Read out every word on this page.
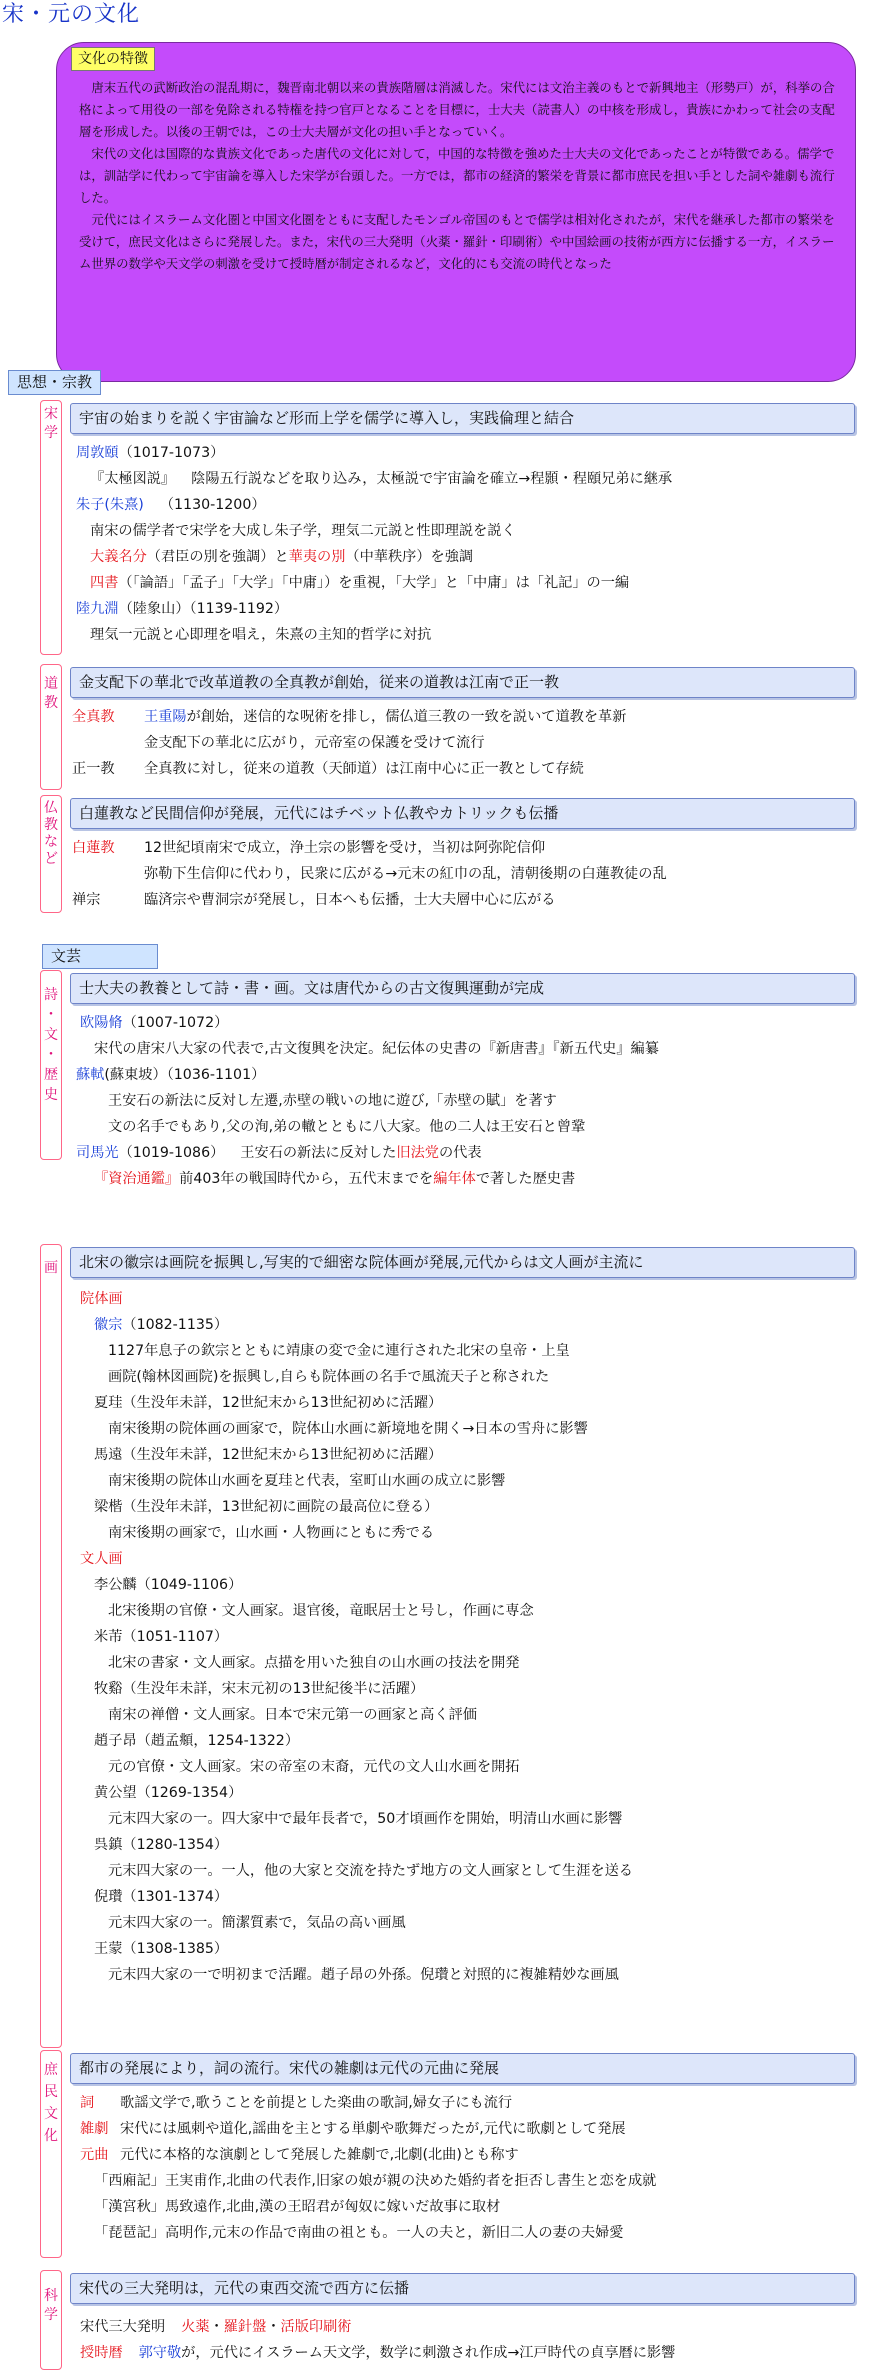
宋・元の文化
文化の特徴

唐末五代の武断政治の混乱期に，魏晋南北朝以来の貴族階層は消滅した。宋代には文治主義のもとで新興地主（形勢戸）が，科挙の合格によって用役の一部を免除される特権を持つ官戸となることを目標に，士大夫（読書人）の中核を形成し，貴族にかわって社会の支配層を形成した。以後の王朝では，この士大夫層が文化の担い手となっていく。

宋代の文化は国際的な貴族文化であった唐代の文化に対して，中国的な特徴を強めた士大夫の文化であったことが特徴である。儒学では，訓詁学に代わって宇宙論を導入した宋学が台頭した。一方では，都市の経済的繁栄を背景に都市庶民を担い手とした詞や雑劇も流行した。

元代にはイスラーム文化圏と中国文化圏をともに支配したモンゴル帝国のもとで儒学は相対化されたが，宋代を継承した都市の繁栄を受けて，庶民文化はさらに発展した。また，宋代の三大発明（火薬・羅針・印刷術）や中国絵画の技術が西方に伝播する一方，イスラーム世界の数学や天文学の刺激を受けて授時暦が制定されるなど，文化的にも交流の時代となった

思想・宗教
宋
学
宇宙の始まりを説く宇宙論など形而上学を儒学に導入し，実践倫理と結合
周敦頤（1017-1073）
『太極図説』 陰陽五行説などを取り込み，太極説で宇宙論を確立→程顥・程頤兄弟に継承
朱子(朱熹) （1130-1200）
南宋の儒学者で宋学を大成し朱子学，理気二元説と性即理説を説く
大義名分（君臣の別を強調）と華夷の別（中華秩序）を強調
四書（「論語」「孟子」「大学」「中庸」）を重視，「大学」と「中庸」は「礼記」の一編
陸九淵（陸象山）（1139-1192）
理気一元説と心即理を唱え，朱熹の主知的哲学に対抗
道
教
金支配下の華北で改革道教の全真教が創始，従来の道教は江南で正一教
全真教 王重陽が創始，迷信的な呪術を排し，儒仏道三教の一致を説いて道教を革新
金支配下の華北に広がり，元帝室の保護を受けて流行
正一教 全真教に対し，従来の道教（天師道）は江南中心に正一教として存続
仏
教
な
ど
白蓮教など民間信仰が発展，元代にはチベット仏教やカトリックも伝播
白蓮教 12世紀頃南宋で成立，浄土宗の影響を受け，当初は阿弥陀信仰
弥勒下生信仰に代わり，民衆に広がる→元末の紅巾の乱，清朝後期の白蓮教徒の乱
禅宗	臨済宗や曹洞宗が発展し，日本へも伝播，士大夫層中心に広がる
文芸
詩
・
文
・
歴
史
士大夫の教養として詩・書・画。文は唐代からの古文復興運動が完成
欧陽脩（1007-1072）
宋代の唐宋八大家の代表で,古文復興を決定。紀伝体の史書の『新唐書』『新五代史』編纂
蘇軾(蘇東坡）（1036-1101）
王安石の新法に反対し左遷,赤壁の戦いの地に遊び,「赤壁の賦」を著す
文の名手でもあり,父の洵,弟の轍とともに八大家。他の二人は王安石と曾鞏
司馬光（1019-1086） 王安石の新法に反対した旧法党の代表
『資治通鑑』前403年の戦国時代から，五代末までを編年体で著した歴史書
画	北宋の徽宗は画院を振興し,写実的で細密な院体画が発展,元代からは文人画が主流に
院体画
徽宗（1082-1135）
1127年息子の欽宗とともに靖康の変で金に連行された北宋の皇帝・上皇
画院(翰林図画院)を振興し,自らも院体画の名手で風流天子と称された
夏珪（生没年未詳，12世紀末から13世紀初めに活躍）
南宋後期の院体画の画家で，院体山水画に新境地を開く→日本の雪舟に影響
馬遠（生没年未詳，12世紀末から13世紀初めに活躍）
南宋後期の院体山水画を夏珪と代表，室町山水画の成立に影響
梁楷（生没年未詳，13世紀初に画院の最高位に登る）
南宋後期の画家で，山水画・人物画にともに秀でる
文人画
李公麟（1049-1106）
北宋後期の官僚・文人画家。退官後，竜眠居士と号し，作画に専念
米芾（1051-1107）
北宋の書家・文人画家。点描を用いた独自の山水画の技法を開発
牧谿（生没年未詳，宋末元初の13世紀後半に活躍）
南宋の禅僧・文人画家。日本で宋元第一の画家と高く評価
趙子昂（趙孟頫，1254-1322）
元の官僚・文人画家。宋の帝室の末裔，元代の文人山水画を開拓
黄公望（1269-1354）
元末四大家の一。四大家中で最年長者で，50才頃画作を開始，明清山水画に影響
呉鎮（1280-1354）
元末四大家の一。一人，他の大家と交流を持たず地方の文人画家として生涯を送る
倪瓚（1301-1374）
元末四大家の一。簡潔質素で，気品の高い画風
王蒙（1308-1385）
元末四大家の一で明初まで活躍。趙子昂の外孫。倪瓚と対照的に複雑精妙な画風
庶
民
文
化
都市の発展により，詞の流行。宋代の雑劇は元代の元曲に発展
詞 歌謡文学で,歌うことを前提とした楽曲の歌詞,婦女子にも流行
雑劇 宋代には風刺や道化,謡曲を主とする単劇や歌舞だったが,元代に歌劇として発展
元曲 元代に本格的な演劇として発展した雑劇で,北劇(北曲)とも称す
「西廂記」王実甫作,北曲の代表作,旧家の娘が親の決めた婚約者を拒否し書生と恋を成就
「漢宮秋」馬致遠作,北曲,漢の王昭君が匈奴に嫁いだ故事に取材
「琵琶記」高明作,元末の作品で南曲の祖とも。一人の夫と，新旧二人の妻の夫婦愛
科
学
宋代の三大発明は，元代の東西交流で西方に伝播
宋代三大発明 火薬・羅針盤・活版印刷術
授時暦 郭守敬が，元代にイスラーム天文学，数学に刺激され作成→江戸時代の貞享暦に影響
